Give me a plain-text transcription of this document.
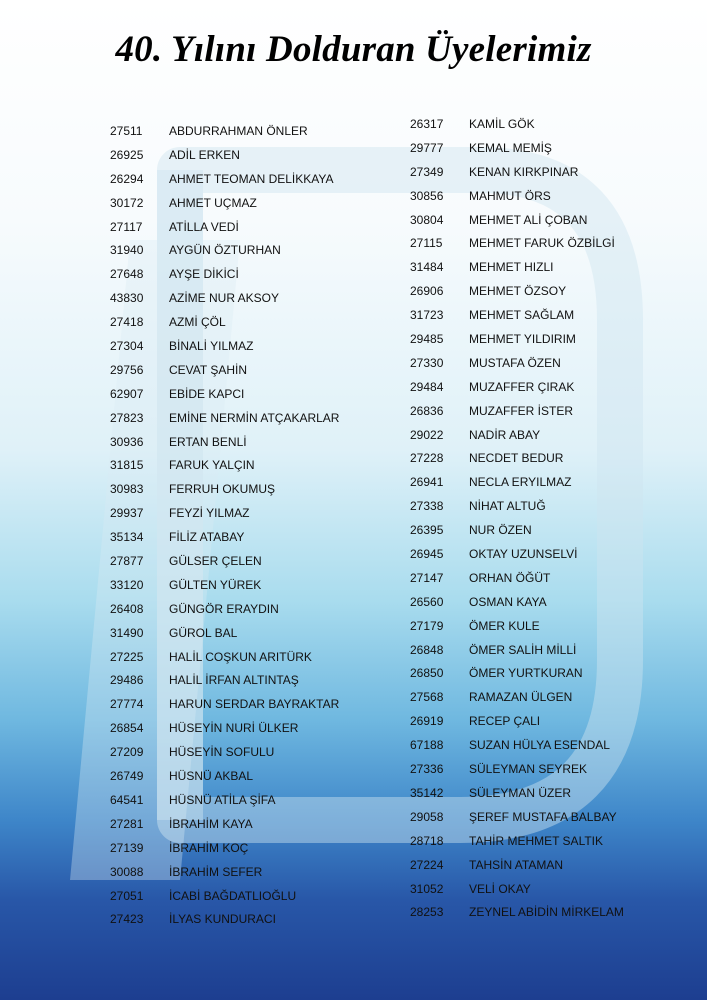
40. Yılını Dolduran Üyelerimiz
27511 ABDURRAHMAN ÖNLER
26925 ADİL ERKEN
26294 AHMET TEOMAN DELİKKAYA
30172 AHMET UÇMAZ
27117 ATİLLA VEDİ
31940 AYGÜN ÖZTURHAN
27648 AYŞE DİKİCİ
43830 AZİME NUR AKSOY
27418 AZMİ ÇÖL
27304 BİNALİ YILMAZ
29756 CEVAT ŞAHİN
62907 EBİDE KAPCI
27823 EMİNE NERMİN ATÇAKARLAR
30936 ERTAN BENLİ
31815 FARUK YALÇIN
30983 FERRUH OKUMUŞ
29937 FEYZİ YILMAZ
35134 FİLİZ ATABAY
27877 GÜLSER ÇELEN
33120 GÜLTEN YÜREK
26408 GÜNGÖR ERAYDIN
31490 GÜROL BAL
27225 HALİL COŞKUN ARITÜRK
29486 HALİL İRFAN ALTINTAŞ
27774 HARUN SERDAR BAYRAKTAR
26854 HÜSEYİN NURİ ÜLKER
27209 HÜSEYİN SOFULU
26749 HÜSNÜ AKBAL
64541 HÜSNÜ ATİLA ŞİFA
27281 İBRAHİM KAYA
27139 İBRAHİM KOÇ
30088 İBRAHİM SEFER
27051 İCABİ BAĞDATLIOĞLU
27423 İLYAS KUNDURACI
26317 KAMİL GÖK
29777 KEMAL MEMİŞ
27349 KENAN KIRKPINAR
30856 MAHMUT ÖRS
30804 MEHMET ALİ ÇOBAN
27115 MEHMET FARUK ÖZBİLGİ
31484 MEHMET HIZLI
26906 MEHMET ÖZSOY
31723 MEHMET SAĞLAM
29485 MEHMET YILDIRIM
27330 MUSTAFA ÖZEN
29484 MUZAFFER ÇIRAK
26836 MUZAFFER İSTER
29022 NADİR ABAY
27228 NECDET BEDUR
26941 NECLA ERYILMAZ
27338 NİHAT ALTUĞ
26395 NUR ÖZEN
26945 OKTAY UZUNSELVİ
27147 ORHAN ÖĞÜT
26560 OSMAN KAYA
27179 ÖMER KULE
26848 ÖMER SALİH MİLLİ
26850 ÖMER YURTKURAN
27568 RAMAZAN ÜLGEN
26919 RECEP ÇALI
67188 SUZAN HÜLYA ESENDAL
27336 SÜLEYMAN SEYREK
35142 SÜLEYMAN ÜZER
29058 ŞEREF MUSTAFA BALBAY
28718 TAHİR MEHMET SALTIK
27224 TAHSİN ATAMAN
31052 VELİ OKAY
28253 ZEYNEL ABİDİN MİRKELAM
